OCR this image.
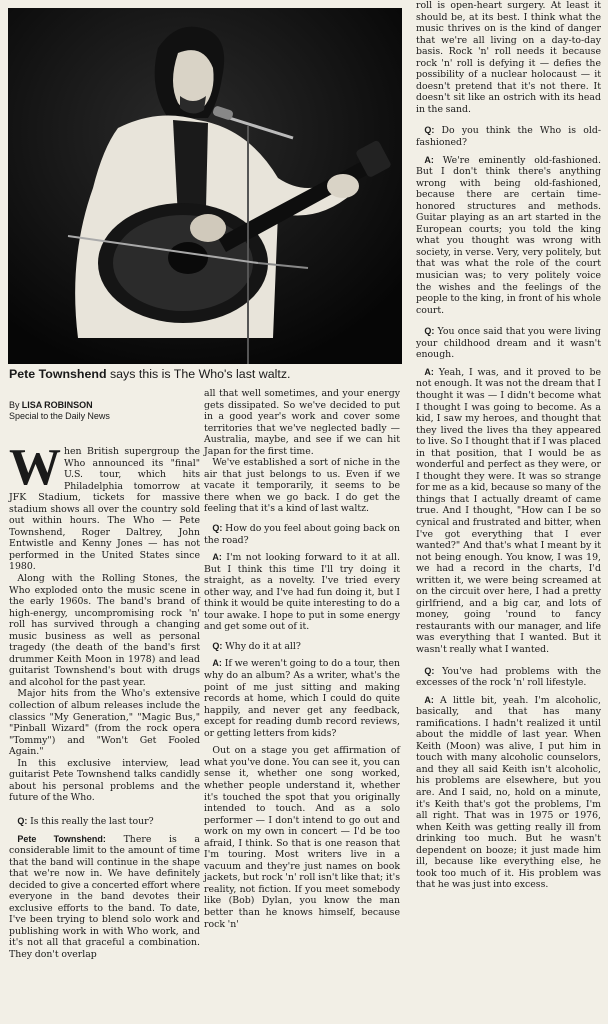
Pete Townshend says this is The Who's last waltz.
By LISA ROBINSON
Special to the Daily News

When British supergroup the Who announced its "final" U.S. tour, which hits Philadelphia tomorrow at JFK Stadium, tickets for massive stadium shows all over the country sold out within hours. The Who — Pete Townshend, Roger Daltrey, John Entwistle and Kenny Jones — has not performed in the United States since 1980.

Along with the Rolling Stones, the Who exploded onto the music scene in the early 1960s. The band's brand of high-energy, uncompromising rock 'n' roll has survived through a changing music business as well as personal tragedy (the death of the band's first drummer Keith Moon in 1978) and lead guitarist Townshend's bout with drugs and alcohol for the past year.

Major hits from the Who's extensive collection of album releases include the classics "My Generation," "Magic Bus," "Pinball Wizard" (from the rock opera "Tommy") and "Won't Get Fooled Again."

In this exclusive interview, lead guitarist Pete Townshend talks candidly about his personal problems and the future of the Who.

Q: Is this really the last tour?

Pete Townshend: There is a considerable limit to the amount of time that the band will continue in the shape that we're now in. We have definitely decided to give a concerted effort where everyone in the band devotes their exclusive efforts to the band. To date, I've been trying to blend solo work and publishing work in with Who work, and it's not all that graceful a combination. They don't overlap

all that well sometimes, and your energy gets dissipated. So we've decided to put in a good year's work and cover some territories that we've neglected badly — Australia, maybe, and see if we can hit Japan for the first time.

We've established a sort of niche in the air that just belongs to us. Even if we vacate it temporarily, it seems to be there when we go back. I do get the feeling that it's a kind of last waltz.

Q: How do you feel about going back on the road?

A: I'm not looking forward to it at all. But I think this time I'll try doing it straight, as a novelty. I've tried every other way, and I've had fun doing it, but I think it would be quite interesting to do a tour awake. I hope to put in some energy and get some out of it.

Q: Why do it at all?

A: If we weren't going to do a tour, then why do an album? As a writer, what's the point of me just sitting and making records at home, which I could do quite happily, and never get any feedback, except for reading dumb record reviews, or getting letters from kids?

Out on a stage you get affirmation of what you've done. You can see it, you can sense it, whether one song worked, whether people understand it, whether it's touched the spot that you originally intended to touch. And as a solo performer — I don't intend to go out and work on my own in concert — I'd be too afraid, I think. So that is one reason that I'm touring. Most writers live in a vacuum and they're just names on book jackets, but rock 'n' roll isn't like that; it's reality, not fiction. If you meet somebody like (Bob) Dylan, you know the man better than he knows himself, because rock 'n'

roll is open-heart surgery. At least it should be, at its best. I think what the music thrives on is the kind of danger that we're all living on a day-to-day basis. Rock 'n' roll needs it because rock 'n' roll is defying it — defies the possibility of a nuclear holocaust — it doesn't pretend that it's not there. It doesn't sit like an ostrich with its head in the sand.

Q: Do you think the Who is old-fashioned?

A: We're eminently old-fashioned. But I don't think there's anything wrong with being old-fashioned, because there are certain time-honored structures and methods. Guitar playing as an art started in the European courts; you told the king what you thought was wrong with society, in verse. Very, very politely, but that was what the role of the court musician was; to very politely voice the wishes and the feelings of the people to the king, in front of his whole court.

Q: You once said that you were living your childhood dream and it wasn't enough.

A: Yeah, I was, and it proved to be not enough. It was not the dream that I thought it was — I didn't become what I thought I was going to become. As a kid, I saw my heroes, and thought that they lived the lives tha they appeared to live. So I thought that if I was placed in that position, that I would be as wonderful and perfect as they were, or I thought they were. It was so strange for me as a kid, because so many of the things that I actually dreamt of came true. And I thought, "How can I be so cynical and frustrated and bitter, when I've got everything that I ever wanted?" And that's what I meant by it not being enough. You know, I was 19, we had a record in the charts, I'd written it, we were being screamed at on the circuit over here, I had a pretty girlfriend, and a big car, and lots of money, going 'round to fancy restaurants with our manager, and life was everything that I wanted. But it wasn't really what I wanted.

Q: You've had problems with the excesses of the rock 'n' roll lifestyle.

A: A little bit, yeah. I'm alcoholic, basically, and that has many ramifications. I hadn't realized it until about the middle of last year. When Keith (Moon) was alive, I put him in touch with many alcoholic counselors, and they all said Keith isn't alcoholic, his problems are elsewhere, but you are. And I said, no, hold on a minute, it's Keith that's got the problems, I'm all right. That was in 1975 or 1976, when Keith was getting really ill from drinking too much. But he wasn't dependent on booze; it just made him ill, because like everything else, he took too much of it. His problem was that he was just into excess.
